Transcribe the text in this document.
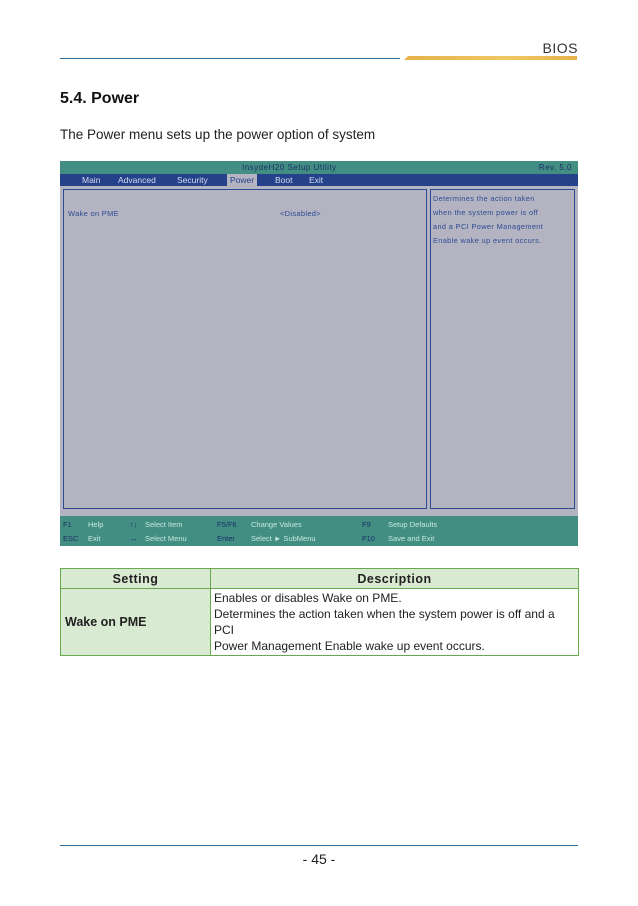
BIOS
5.4. Power
The Power menu sets up the power option of system
InsydeH20 Setup Utility	Rev. 5.0
Main Advanced Security	Power	Boot Exit
Wake on PME	<Disabled>
Determines the action taken
when the system power is off
and a PCI Power Management
Enable wake up event occurs.
F1 Help	↑↓ Select Item	F5/F6 Change Values	F9 Setup Defaults
ESC Exit	↔ Select Menu	Enter Select ► SubMenu	F10 Save and Exit
Setting	Description
Wake on PME	Enables or disables Wake on PME.
Determines the action taken when the system power is off and a PCI
Power Management Enable wake up event occurs.
- 45 -
